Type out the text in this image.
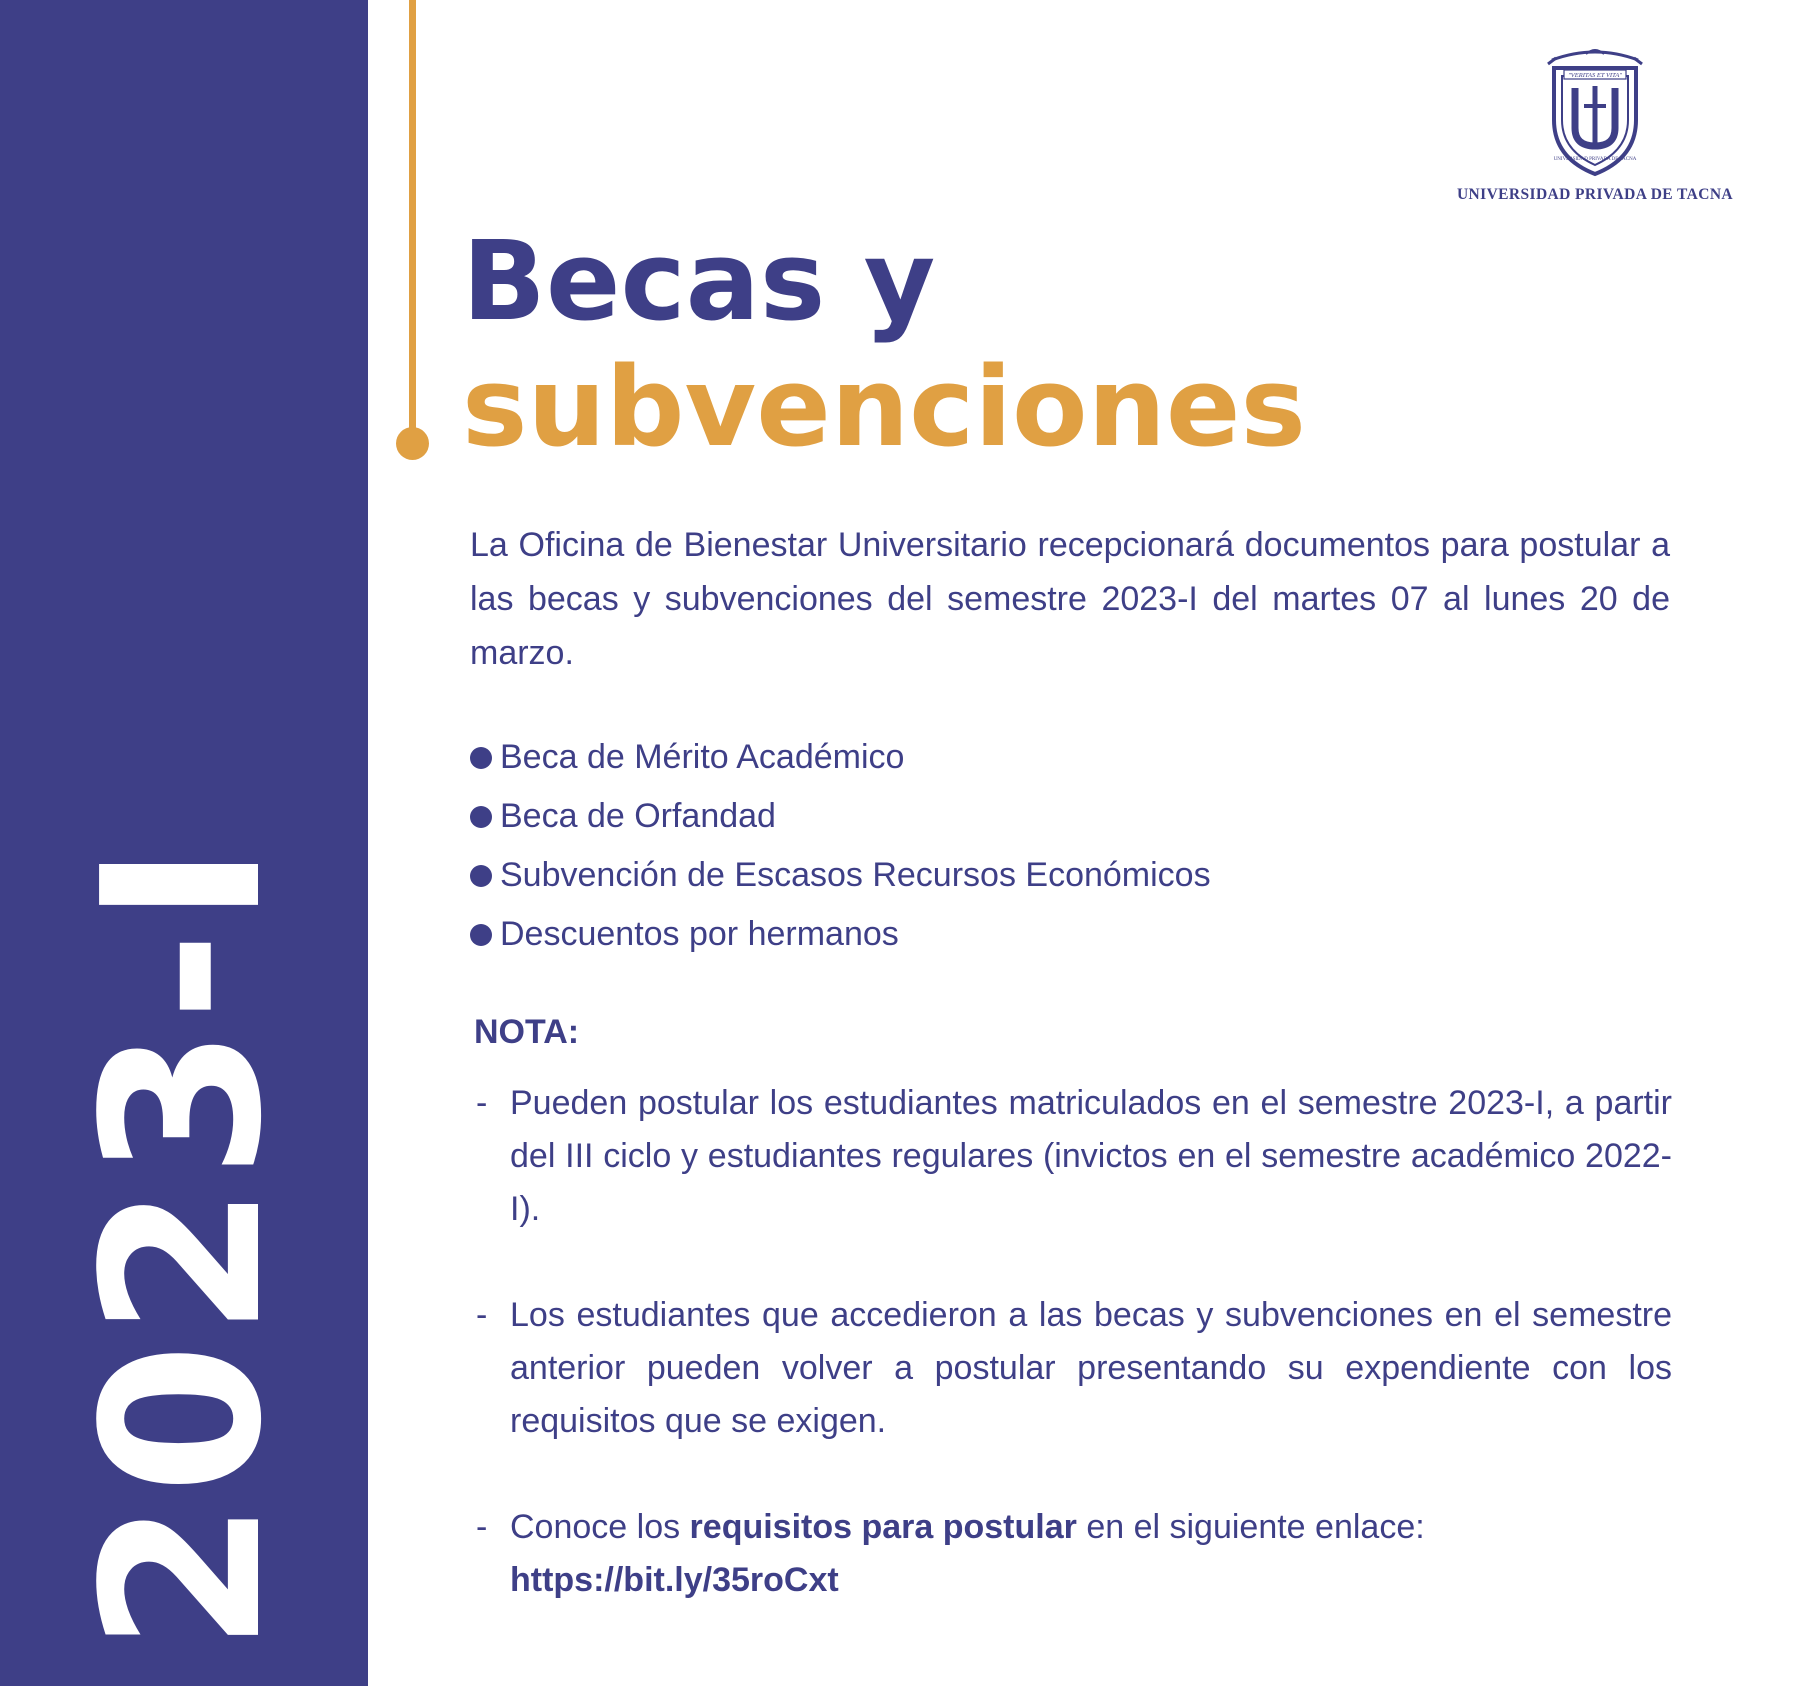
2023-I
"VERITAS ET VITA"
UNIVERSIDAD PRIVADA DE TACNA
UNIVERSIDAD PRIVADA DE TACNA
Becas y
subvenciones

La Oficina de Bienestar Universitario recepcionará documentos para postular a las becas y subvenciones del semestre 2023-I del martes 07 al lunes 20 de marzo.

Beca de Mérito Académico
Beca de Orfandad
Subvención de Escasos Recursos Económicos
Descuentos por hermanos
NOTA:
- Pueden postular los estudiantes matriculados en el semestre 2023-I, a partir del III ciclo y estudiantes regulares (invictos en el semestre académico 2022-I).
- Los estudiantes que accedieron a las becas y subvenciones en el semestre anterior pueden volver a postular presentando su expendiente con los requisitos que se exigen.
- Conoce los requisitos para postular en el siguiente enlace:
https://bit.ly/35roCxt
